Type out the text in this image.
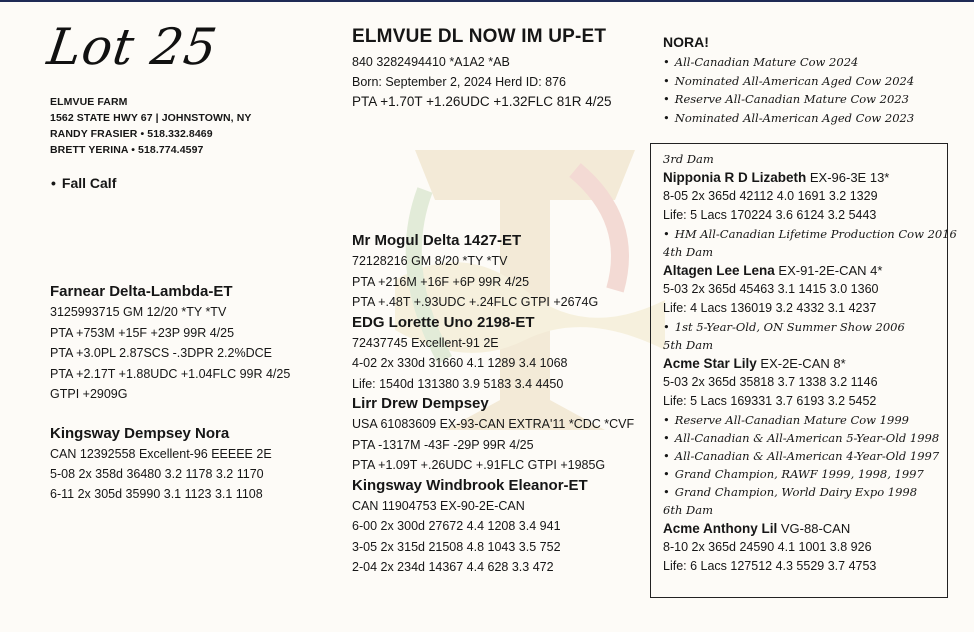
Lot 25
ELMVUE FARM
1562 STATE HWY 67 | JOHNSTOWN, NY
RANDY FRASIER • 518.332.8469
BRETT YERINA • 518.774.4597
• Fall Calf
ELMVUE DL NOW IM UP-ET
840 3282494410 *A1A2 *AB
Born: September 2, 2024 Herd ID: 876
PTA +1.70T +1.26UDC +1.32FLC 81R 4/25
NORA!
• All-Canadian Mature Cow 2024
• Nominated All-American Aged Cow 2024
• Reserve All-Canadian Mature Cow 2023
• Nominated All-American Aged Cow 2023
Farnear Delta-Lambda-ET
3125993715 GM 12/20 *TY *TV
PTA +753M +15F +23P 99R 4/25
PTA +3.0PL 2.87SCS -.3DPR 2.2%DCE
PTA +2.17T +1.88UDC +1.04FLC 99R 4/25
GTPI +2909G
Kingsway Dempsey Nora
CAN 12392558 Excellent-96 EEEEE 2E
5-08 2x 358d 36480 3.2 1178 3.2 1170
6-11 2x 305d 35990 3.1 1123 3.1 1108
Mr Mogul Delta 1427-ET
72128216 GM 8/20 *TY *TV
PTA +216M +16F +6P 99R 4/25
PTA +.48T +.93UDC +.24FLC GTPI +2674G
EDG Lorette Uno 2198-ET
72437745 Excellent-91 2E
4-02 2x 330d 31660 4.1 1289 3.4 1068
Life: 1540d 131380 3.9 5183 3.4 4450
Lirr Drew Dempsey
USA 61083609 EX-93-CAN EXTRA'11 *CDC *CVF
PTA -1317M -43F -29P 99R 4/25
PTA +1.09T +.26UDC +.91FLC GTPI +1985G
Kingsway Windbrook Eleanor-ET
CAN 11904753 EX-90-2E-CAN
6-00 2x 300d 27672 4.4 1208 3.4 941
3-05 2x 315d 21508 4.8 1043 3.5 752
2-04 2x 234d 14367 4.4 628 3.3 472
3rd Dam
Nipponia R D Lizabeth EX-96-3E 13*
8-05 2x 365d 42112 4.0 1691 3.2 1329
Life: 5 Lacs 170224 3.6 6124 3.2 5443
• HM All-Canadian Lifetime Production Cow 2016
4th Dam
Altagen Lee Lena EX-91-2E-CAN 4*
5-03 2x 365d 45463 3.1 1415 3.0 1360
Life: 4 Lacs 136019 3.2 4332 3.1 4237
• 1st 5-Year-Old, ON Summer Show 2006
5th Dam
Acme Star Lily EX-2E-CAN 8*
5-03 2x 365d 35818 3.7 1338 3.2 1146
Life: 5 Lacs 169331 3.7 6193 3.2 5452
• Reserve All-Canadian Mature Cow 1999
• All-Canadian & All-American 5-Year-Old 1998
• All-Canadian & All-American 4-Year-Old 1997
• Grand Champion, RAWF 1999, 1998, 1997
• Grand Champion, World Dairy Expo 1998
6th Dam
Acme Anthony Lil VG-88-CAN
8-10 2x 365d 24590 4.1 1001 3.8 926
Life: 6 Lacs 127512 4.3 5529 3.7 4753
